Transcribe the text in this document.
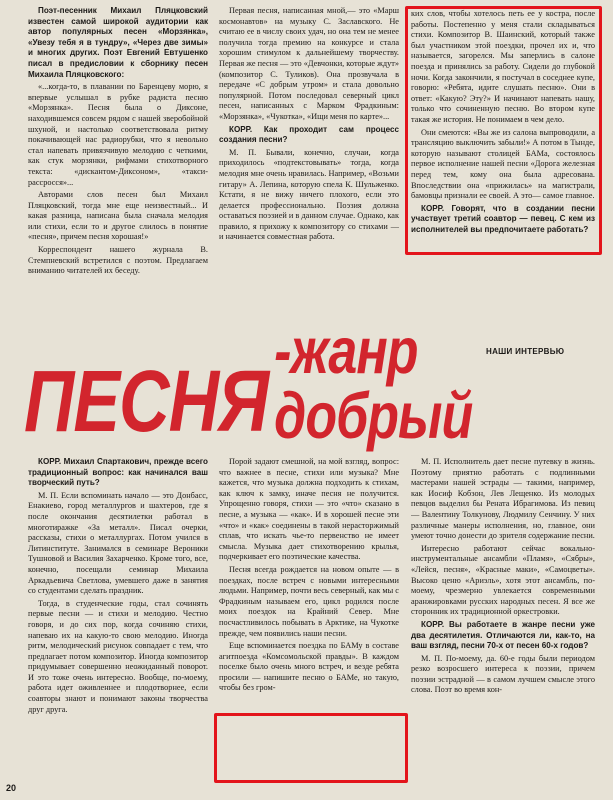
Поэт-песенник Михаил Пляцковский известен самой широкой аудитории как автор популярных песен «Морзянка», «Увезу тебя я в тундру», «Через две зимы» и многих других. Поэт Евгений Евтушенко писал в предисловии к сборнику песен Михаила Пляцковского:

«...когда-то, в плавании по Баренцеву морю, я впервые услышал в рубке радиста песню «Морзянка». Песня была о Диксоне, находившемся совсем рядом с нашей зверобойной шхуной, и настолько соответствовала ритму покачивающей нас радиорубки, что я невольно стал напевать привязчивую мелодию с четкими, как стук морзянки, рифмами стихотворного текста: «дискантом-Диксоном», «такси-рассросся»...

Авторами слов песен был Михаил Пляцковский, тогда мне еще неизвестный... И какая разница, написана была сначала мелодия или стихи, если то и другое слилось в понятие «песня», причем песня хорошая!»

Корреспондент нашего журнала В. Стемпневский встретился с поэтом. Предлагаем вниманию читателей их беседу.

Первая песня, написанная мной,— это «Марш космонавтов» на музыку С. Заславского. Не считаю ее в числу своих удач, но она тем не менее получила тогда премию на конкурсе и стала хорошим стимулом к дальнейшему творчеству. Первая же песня — это «Девчонки, которые ждут» (композитор С. Туликов). Она прозвучала в передаче «С добрым утром» и стала довольно популярной. Потом последовал северный цикл песен, написанных с Марком Фрадкиным: «Морзянка», «Чукотка», «Ищи меня по карте»...

КОРР. Как проходит сам процесс создания песни?

М. П. Бывали, конечно, случаи, когда приходилось «подтекстовывать» тогда, когда мелодия мне очень нравилась. Например, «Возьми гитару» А. Лепина, которую спела К. Шульженко. Кстати, я не вижу ничего плохого, если это делается профессионально. Поэзия должна оставаться поэзией и в данном случае. Однако, как правило, я прихожу к композитору со стихами — и начинается совместная работа.

ких слов, чтобы хотелось петь ее у костра, после работы. Постепенно у меня стали складываться стихи. Композитор В. Шаинский, который также был участником этой поездки, прочел их и, что называется, загорелся. Мы заперлись в салоне поезда и принялись за работу. Сидели до глубокой ночи. Когда закончили, я постучал в соседнее купе, говорю: «Ребята, идите слушать песню». Они в ответ: «Какую? Эту?» И начинают напевать нашу, только что сочиненную песню. Во втором купе такая же история. Не понимаем в чем дело.

Они смеются: «Вы же из салона выпроводили, а трансляцию выключить забыли!» А потом в Тынде, которую называют столицей БАМа, состоялось первое исполнение нашей песни «Дорога железная перед тем, кому она была адресована. Впоследствии она «прижилась» на магистрали, бамовцы признали ее своей. А это— самое главное.

КОРР. Говорят, что в создании песни участвует третий соавтор — певец. С кем из исполнителей вы предпочитаете работать?

НАШИ ИНТЕРВЬЮ
ПЕСНЯ
-жанр добрый

КОРР. Михаил Спартакович, прежде всего традиционный вопрос: как начинался ваш творческий путь?

М. П. Если вспоминать начало — это Донбасс, Енакиево, город металлургов и шахтеров, где я после окончания десятилетки работал в многотиражке «За металл». Писал очерки, рассказы, стихи о металлургах. Потом учился в Литинституте. Занимался в семинаре Вероники Тушновой и Василия Захарченко. Кроме того, все, конечно, посещали семинар Михаила Аркадьевича Светлова, умевшего даже в занятия со студентами сделать праздник.

Тогда, в студенческие годы, стал сочинять первые песни — и стихи и мелодию. Честно говоря, и до сих пор, когда сочиняю стихи, напеваю их на какую-то свою мелодию. Иногда ритм, мелодический рисунок совпадает с тем, что предлагает потом композитор. Иногда композитор придумывает совершенно неожиданный поворот. И это тоже очень интересно. Вообще, по-моему, работа идет оживленнее и плодотворнее, если соавторы знают и понимают законы творчества друг друга.

Порой задают смешной, на мой взгляд, вопрос: что важнее в песне, стихи или музыка? Мне кажется, что музыка должна подходить к стихам, как ключ к замку, иначе песня не получится. Упрощенно говоря, стихи — это «что» сказано в песне, а музыка — «как». И в хорошей песне эти «что» и «как» соединены в такой нерасторжимый сплав, что искать чье-то первенство не имеет смысла. Музыка дает стихотворению крылья, подчеркивает его поэтические качества.

Песня всегда рождается на новом опыте — в поездках, после встреч с новыми интересными людьми. Например, почти весь северный, как мы с Фрадкиным называем его, цикл родился после моих поездок на Крайний Север. Мне посчастливилось побывать в Арктике, на Чукотке прежде, чем появились наши песни.

Еще вспоминается поездка по БАМу в составе агитпоезда «Комсомольской правды». В каждом поселке было очень много встреч, и везде ребята просили — напишите песню о БАМе, но такую, чтобы без гром-

М. П. Исполнитель дает песне путевку в жизнь. Поэтому приятно работать с подлинными мастерами нашей эстрады — такими, например, как Иосиф Кобзон, Лев Лещенко. Из молодых певцов выделил бы Рената Ибрагимова. Из певиц — Валентину Толкунову, Людмилу Сенчину. У них различные манеры исполнения, но, главное, они умеют точно донести до зрителя содержание песни.

Интересно работают сейчас вокально-инструментальные ансамбли «Пламя», «Сябры», «Лейся, песня», «Красные маки», «Самоцветы». Высоко ценю «Ариэль», хотя этот ансамбль, по-моему, чрезмерно увлекается современными аранжировками русских народных песен. Я все же сторонник их традиционной оркестровки.

КОРР. Вы работаете в жанре песни уже два десятилетия. Отличаются ли, как-то, на ваш взгляд, песни 70-х от песен 60-х годов?

М. П. По-моему, да. 60-е годы были периодом резко возросшего интереса к поэзии, причем поэзии эстрадной — в самом лучшем смысле этого слова. Поэт во время кон-

20
